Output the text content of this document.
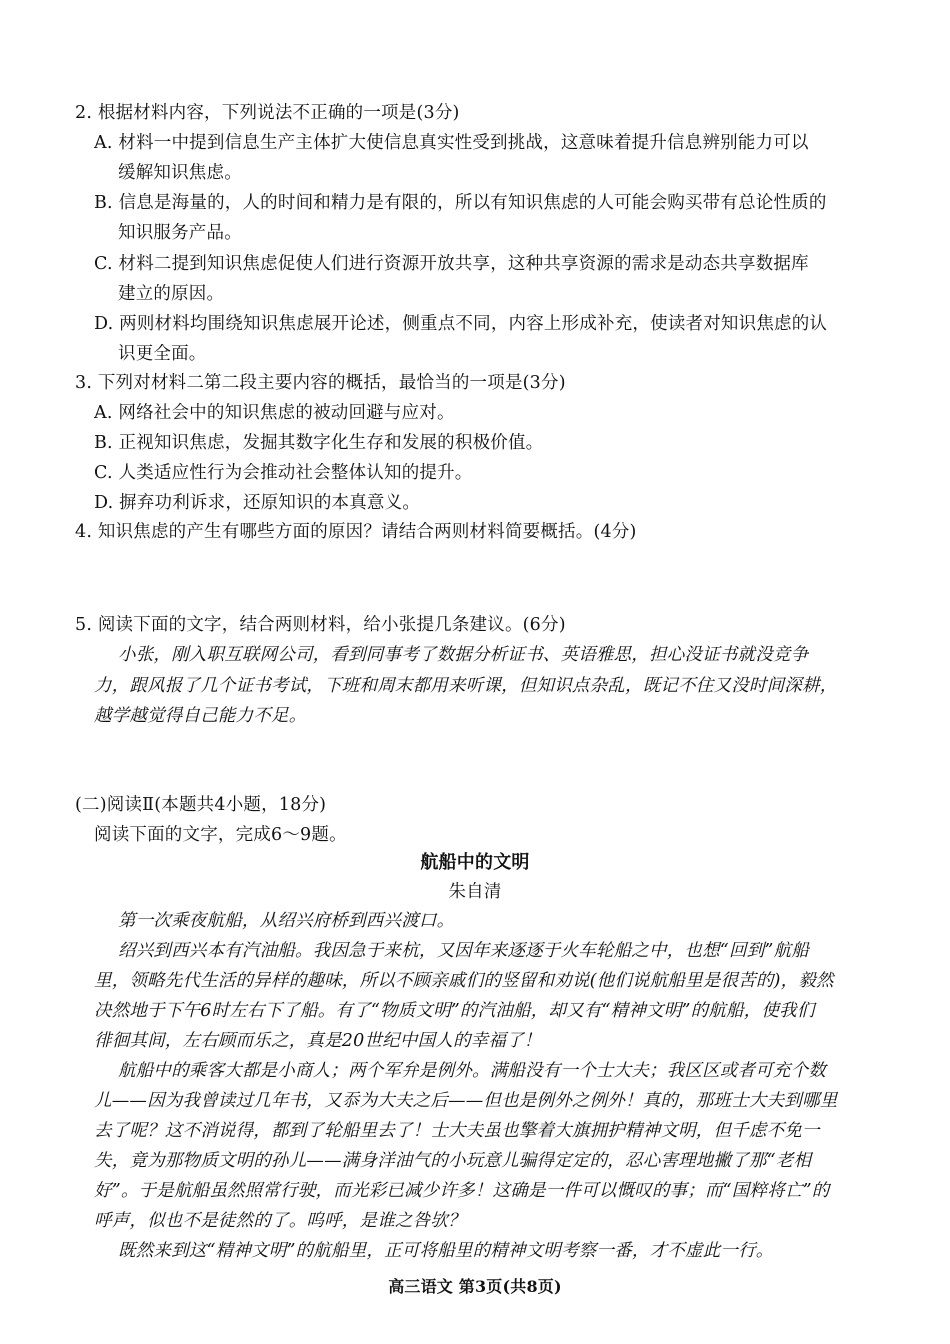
2. 根据材料内容，下列说法不正确的一项是(3分)
A. 材料一中提到信息生产主体扩大使信息真实性受到挑战，这意味着提升信息辨别能力可以
缓解知识焦虑。
B. 信息是海量的，人的时间和精力是有限的，所以有知识焦虑的人可能会购买带有总论性质的
知识服务产品。
C. 材料二提到知识焦虑促使人们进行资源开放共享，这种共享资源的需求是动态共享数据库
建立的原因。
D. 两则材料均围绕知识焦虑展开论述，侧重点不同，内容上形成补充，使读者对知识焦虑的认
识更全面。
3. 下列对材料二第二段主要内容的概括，最恰当的一项是(3分)
A. 网络社会中的知识焦虑的被动回避与应对。
B. 正视知识焦虑，发掘其数字化生存和发展的积极价值。
C. 人类适应性行为会推动社会整体认知的提升。
D. 摒弃功利诉求，还原知识的本真意义。
4. 知识焦虑的产生有哪些方面的原因？请结合两则材料简要概括。(4分)
5. 阅读下面的文字，结合两则材料，给小张提几条建议。(6分)
小张，刚入职互联网公司，看到同事考了数据分析证书、英语雅思，担心没证书就没竞争
力，跟风报了几个证书考试，下班和周末都用来听课，但知识点杂乱，既记不住又没时间深耕，
越学越觉得自己能力不足。
(二)阅读Ⅱ(本题共4小题，18分)
阅读下面的文字，完成6～9题。
航船中的文明
朱自清
第一次乘夜航船，从绍兴府桥到西兴渡口。
绍兴到西兴本有汽油船。我因急于来杭，又因年来逐逐于火车轮船之中，也想“回到”航船
里，领略先代生活的异样的趣味，所以不顾亲戚们的竖留和劝说(他们说航船里是很苦的)，毅然
决然地于下午6时左右下了船。有了“物质文明”的汽油船，却又有“精神文明”的航船，使我们
徘徊其间，左右顾而乐之，真是20世纪中国人的幸福了！
航船中的乘客大都是小商人；两个军弁是例外。满船没有一个士大夫；我区区或者可充个数
儿——因为我曾读过几年书，又忝为大夫之后——但也是例外之例外！真的，那班士大夫到哪里
去了呢？这不消说得，都到了轮船里去了！士大夫虽也擎着大旗拥护精神文明，但千虑不免一
失，竟为那物质文明的孙儿——满身洋油气的小玩意儿骗得定定的，忍心害理地撇了那“老相
好”。于是航船虽然照常行驶，而光彩已减少许多！这确是一件可以慨叹的事；而“国粹将亡”的
呼声，似也不是徒然的了。呜呼，是谁之咎欤？
既然来到这“精神文明”的航船里，正可将船里的精神文明考察一番，才不虚此一行。
高三语文 第3页(共8页)
